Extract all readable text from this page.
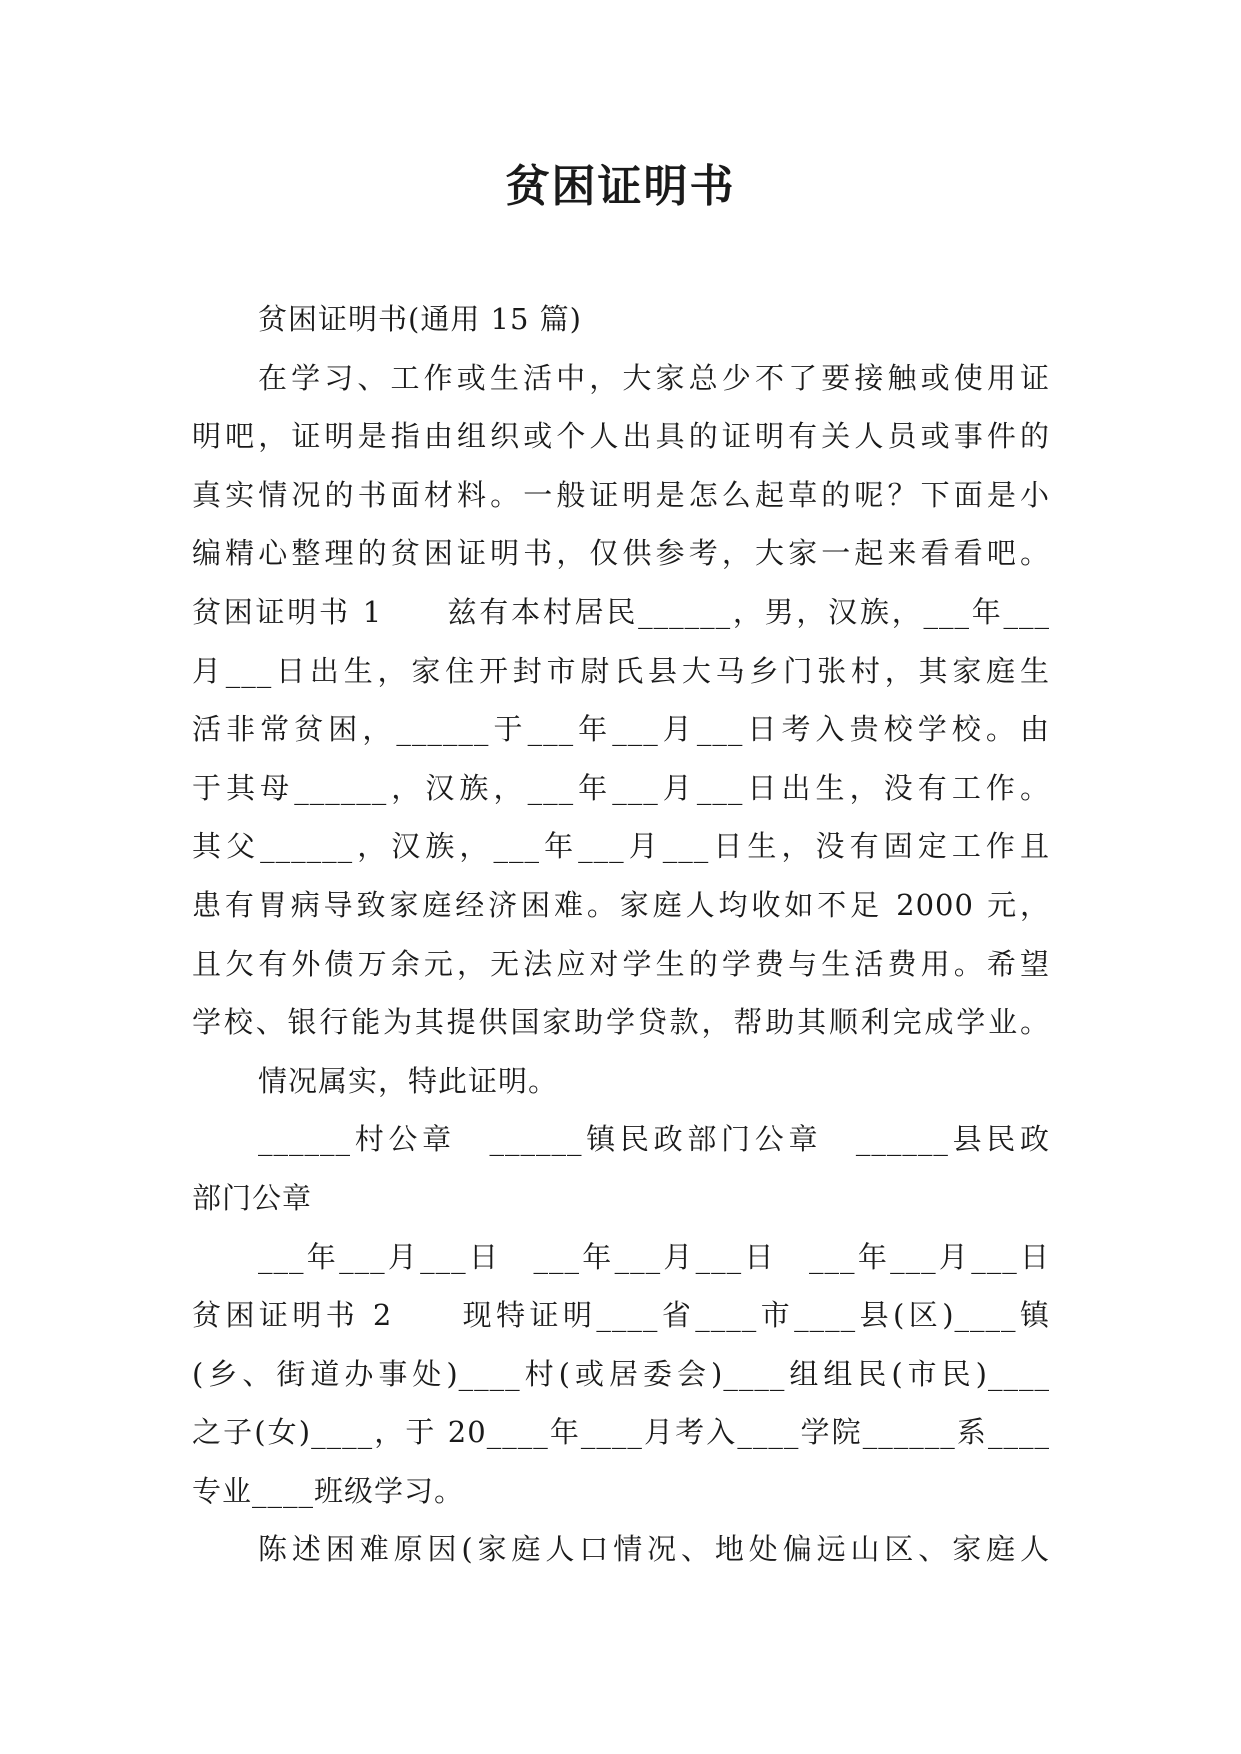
贫困证明书
贫困证明书(通用 15 篇)
在学习、工作或生活中，大家总少不了要接触或使用证
明吧，证明是指由组织或个人出具的证明有关人员或事件的
真实情况的书面材料。一般证明是怎么起草的呢？下面是小
编精心整理的贫困证明书，仅供参考，大家一起来看看吧。
贫困证明书 1　　兹有本村居民______，男，汉族，___年___
月___日出生，家住开封市尉氏县大马乡门张村，其家庭生
活非常贫困，______于___年___月___日考入贵校学校。由
于其母______，汉族，___年___月___日出生，没有工作。
其父______，汉族，___年___月___日生，没有固定工作且
患有胃病导致家庭经济困难。家庭人均收如不足 2000 元，
且欠有外债万余元，无法应对学生的学费与生活费用。希望
学校、银行能为其提供国家助学贷款，帮助其顺利完成学业。
情况属实，特此证明。
______村公章　______镇民政部门公章　______县民政
部门公章
___年___月___日　___年___月___日　___年___月___日
贫困证明书 2　　现特证明____省____市____县(区)____镇
(乡、街道办事处)____村(或居委会)____组组民(市民)____
之子(女)____，于 20____年____月考入____学院______系____
专业____班级学习。
陈述困难原因(家庭人口情况、地处偏远山区、家庭人
